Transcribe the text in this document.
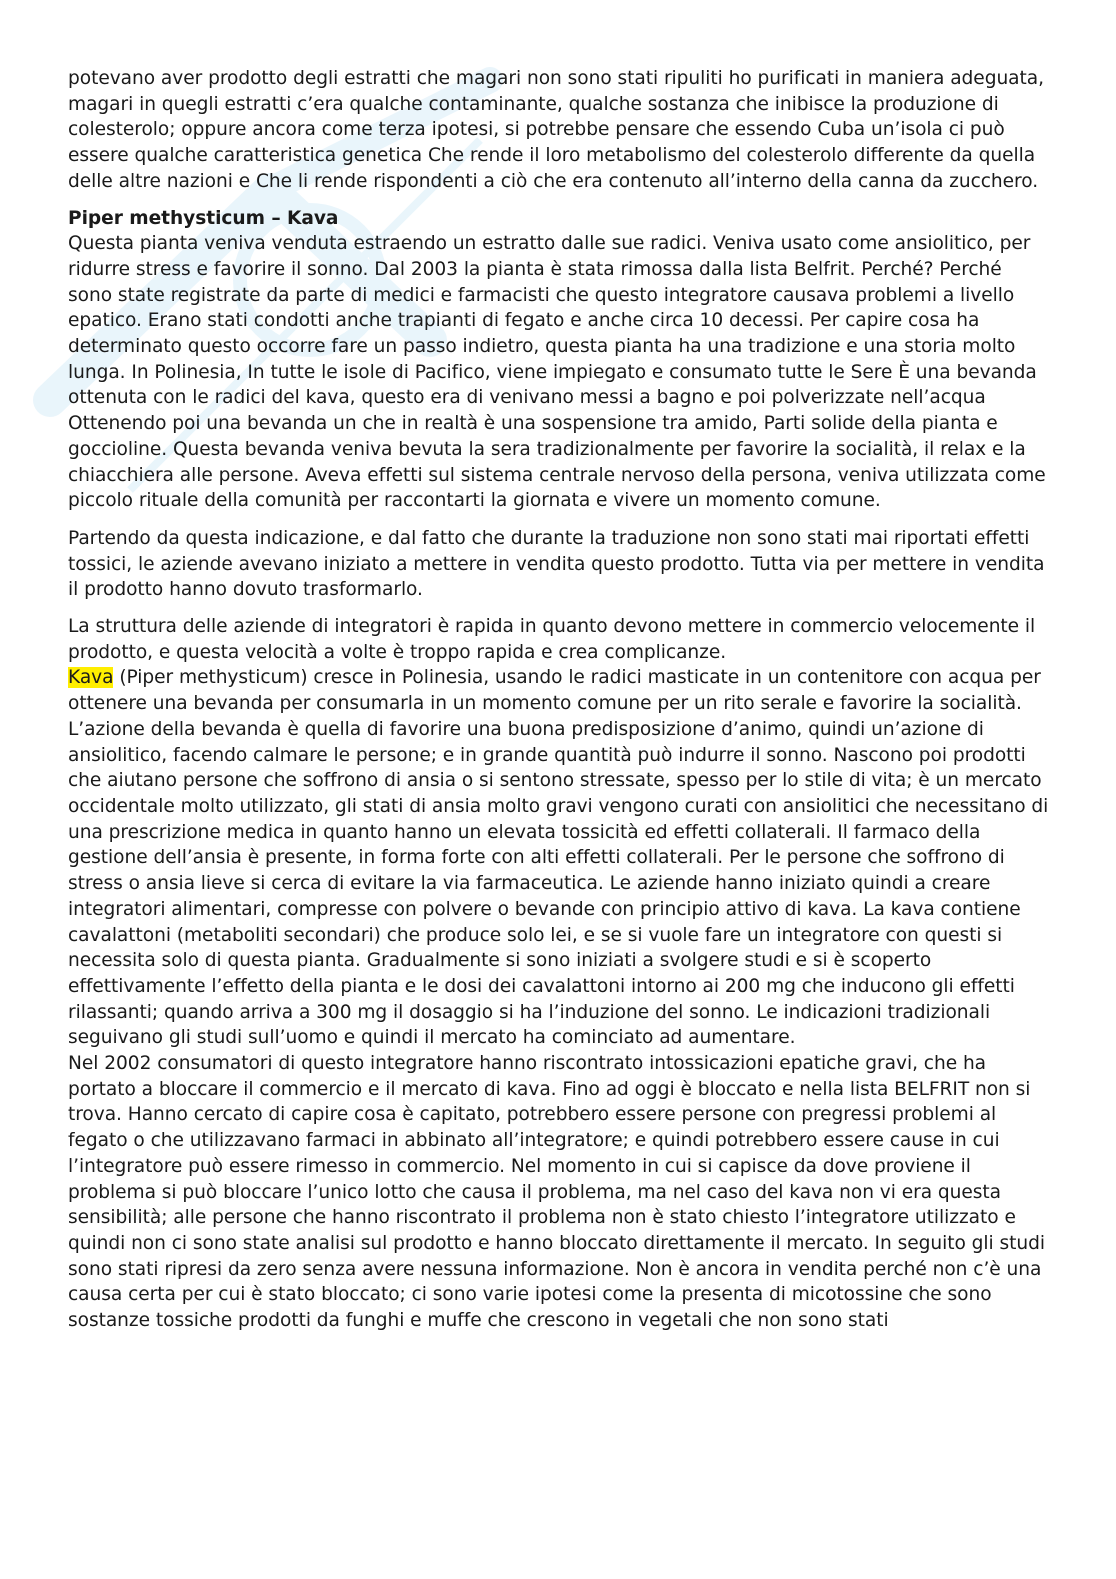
potevano aver prodotto degli estratti che magari non sono stati ripuliti ho purificati in maniera adeguata, magari in quegli estratti c’era qualche contaminante, qualche sostanza che inibisce la produzione di colesterolo; oppure ancora come terza ipotesi, si potrebbe pensare che essendo Cuba un’isola ci può essere qualche caratteristica genetica Che rende il loro metabolismo del colesterolo differente da quella delle altre nazioni e Che li rende rispondenti a ciò che era contenuto all’interno della canna da zucchero.

Piper methysticum – Kava
Questa pianta veniva venduta estraendo un estratto dalle sue radici. Veniva usato come ansiolitico, per ridurre stress e favorire il sonno. Dal 2003 la pianta è stata rimossa dalla lista Belfrit. Perché? Perché sono state registrate da parte di medici e farmacisti che questo integratore causava problemi a livello epatico. Erano stati condotti anche trapianti di fegato e anche circa 10 decessi. Per capire cosa ha determinato questo occorre fare un passo indietro, questa pianta ha una tradizione e una storia molto lunga. In Polinesia, In tutte le isole di Pacifico, viene impiegato e consumato tutte le Sere È una bevanda ottenuta con le radici del kava, questo era di venivano messi a bagno e poi polverizzate nell’acqua Ottenendo poi una bevanda un che in realtà è una sospensione tra amido, Parti solide della pianta e goccioline. Questa bevanda veniva bevuta la sera tradizionalmente per favorire la socialità, il relax e la chiacchiera alle persone. Aveva effetti sul sistema centrale nervoso della persona, veniva utilizzata come piccolo rituale della comunità per raccontarti la giornata e vivere un momento comune.

Partendo da questa indicazione, e dal fatto che durante la traduzione non sono stati mai riportati effetti tossici, le aziende avevano iniziato a mettere in vendita questo prodotto. Tutta via per mettere in vendita il prodotto hanno dovuto trasformarlo.

La struttura delle aziende di integratori è rapida in quanto devono mettere in commercio velocemente il prodotto, e questa velocità a volte è troppo rapida e crea complicanze.

Kava (Piper methysticum) cresce in Polinesia, usando le radici masticate in un contenitore con acqua per ottenere una bevanda per consumarla in un momento comune per un rito serale e favorire la socialità. L’azione della bevanda è quella di favorire una buona predisposizione d’animo, quindi un’azione di ansiolitico, facendo calmare le persone; e in grande quantità può indurre il sonno. Nascono poi prodotti che aiutano persone che soffrono di ansia o si sentono stressate, spesso per lo stile di vita; è un mercato occidentale molto utilizzato, gli stati di ansia molto gravi vengono curati con ansiolitici che necessitano di una prescrizione medica in quanto hanno un elevata tossicità ed effetti collaterali. Il farmaco della gestione dell’ansia è presente, in forma forte con alti effetti collaterali. Per le persone che soffrono di stress o ansia lieve si cerca di evitare la via farmaceutica. Le aziende hanno iniziato quindi a creare integratori alimentari, compresse con polvere o bevande con principio attivo di kava. La kava contiene cavalattoni (metaboliti secondari) che produce solo lei, e se si vuole fare un integratore con questi si necessita solo di questa pianta. Gradualmente si sono iniziati a svolgere studi e si è scoperto effettivamente l’effetto della pianta e le dosi dei cavalattoni intorno ai 200 mg che inducono gli effetti rilassanti; quando arriva a 300 mg il dosaggio si ha l’induzione del sonno. Le indicazioni tradizionali seguivano gli studi sull’uomo e quindi il mercato ha cominciato ad aumentare.

Nel 2002 consumatori di questo integratore hanno riscontrato intossicazioni epatiche gravi, che ha portato a bloccare il commercio e il mercato di kava. Fino ad oggi è bloccato e nella lista BELFRIT non si trova. Hanno cercato di capire cosa è capitato, potrebbero essere persone con pregressi problemi al fegato o che utilizzavano farmaci in abbinato all’integratore; e quindi potrebbero essere cause in cui l’integratore può essere rimesso in commercio. Nel momento in cui si capisce da dove proviene il problema si può bloccare l’unico lotto che causa il problema, ma nel caso del kava non vi era questa sensibilità; alle persone che hanno riscontrato il problema non è stato chiesto l’integratore utilizzato e quindi non ci sono state analisi sul prodotto e hanno bloccato direttamente il mercato. In seguito gli studi sono stati ripresi da zero senza avere nessuna informazione. Non è ancora in vendita perché non c’è una causa certa per cui è stato bloccato; ci sono varie ipotesi come la presenta di micotossine che sono sostanze tossiche prodotti da funghi e muffe che crescono in vegetali che non sono stati
